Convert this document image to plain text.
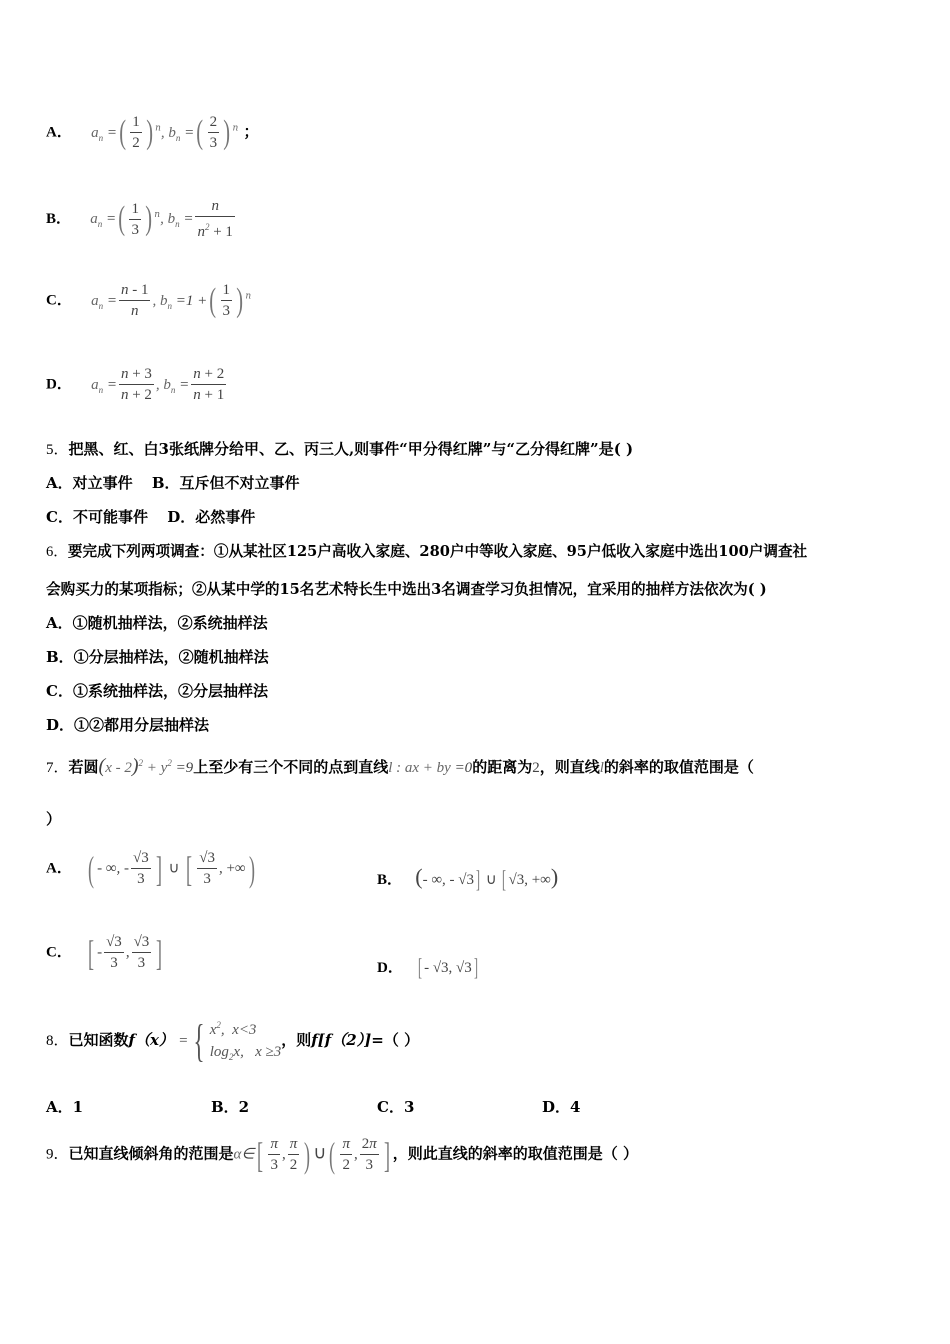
A． $a_n$ =( $\frac{1}{2}$ ) $^n$, $b_n$ =( $\frac{2}{3}$ ) $^n$ ；
B． $a_n$ =( $\frac{1}{3}$ ) $^n$, $b_n = \frac{n}{n^2 + 1}$
C． $a_n = \frac{n - 1}{n}$ , $b_n =1$ +( $\frac{1}{3}$ ) $^n$
D． $a_n = \frac{n + 3}{n + 2}$ , $b_n = \frac{n + 2}{n + 1}$
5．把黑、红、白3张纸牌分给甲、乙、丙三人,则事件“甲分得红牌”与“乙分得红牌”是( )
A．对立事件 B．互斥但不对立事件
C．不可能事件 D．必然事件
6．要完成下列两项调查：①从某社区125户高收入家庭、280户中等收入家庭、95户低收入家庭中选出100户调查社
会购买力的某项指标；②从某中学的15名艺术特长生中选出3名调查学习负担情况，宜采用的抽样方法依次为( )
A．①随机抽样法，②系统抽样法
B．①分层抽样法，②随机抽样法
C．①系统抽样法，②分层抽样法
D．①②都用分层抽样法
7．若圆$(x - 2)^2 + y^2 =9$上至少有三个不同的点到直线l : ax + by =0的距离为2，则直线l的斜率的取值范围是（
）
A． ( - ∞, - $\frac{√3}{3}$ ] ∪ [ $\frac{√3}{3}$ , +∞)	B． (- ∞, - √3] ∪ [ √3, +∞)
C． [ - $\frac{√3}{3}$ , $\frac{√3}{3}$ ]	D． [ - √3, √3]
8．已知函数f（x） = { $x^2$,  x<3
$\log_2x$,   x ≥3，则f[f（2）]=（ ）
A．1	B．2	C．3	D．4
9．已知直线倾斜角的范围是α∈[ $\frac{\pi}{3}$ , $\frac{\pi}{2}$ ) ∪( $\frac{\pi}{2}$ , $\frac{2\pi}{3}$ ] ，则此直线的斜率的取值范围是（ ）
